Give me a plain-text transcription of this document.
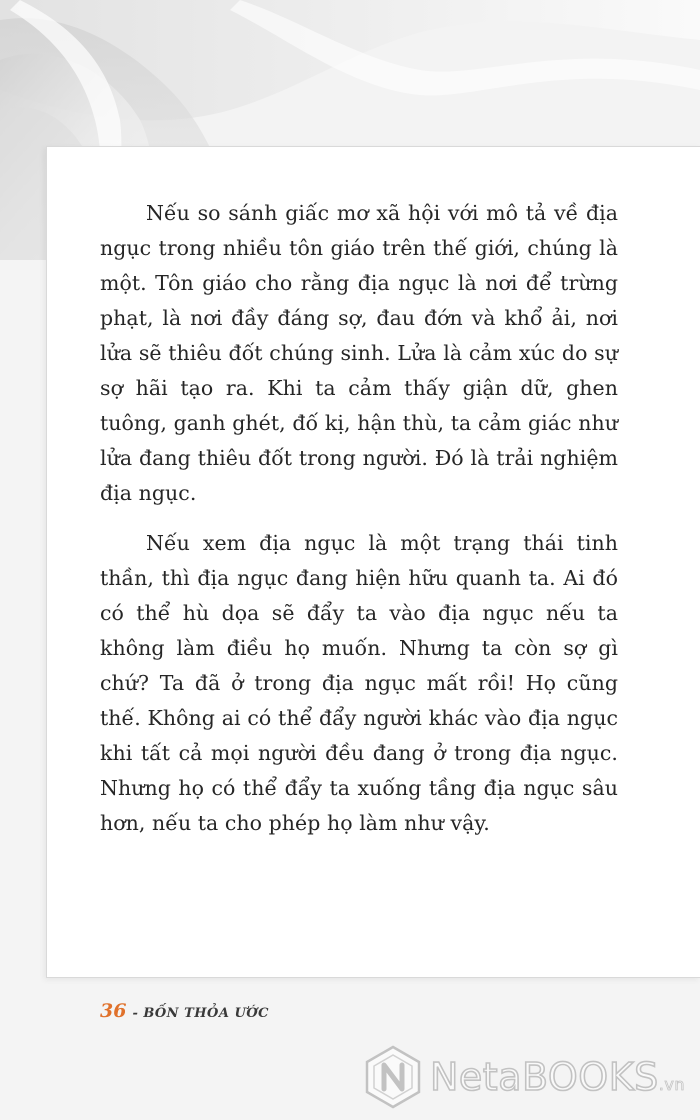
Nếu so sánh giấc mơ xã hội với mô tả về địa ngục trong nhiều tôn giáo trên thế giới, chúng là một. Tôn giáo cho rằng địa ngục là nơi để trừng phạt, là nơi đầy đáng sợ, đau đớn và khổ ải, nơi lửa sẽ thiêu đốt chúng sinh. Lửa là cảm xúc do sự sợ hãi tạo ra. Khi ta cảm thấy giận dữ, ghen tuông, ganh ghét, đố kị, hận thù, ta cảm giác như lửa đang thiêu đốt trong người. Đó là trải nghiệm địa ngục.

Nếu xem địa ngục là một trạng thái tinh thần, thì địa ngục đang hiện hữu quanh ta. Ai đó có thể hù dọa sẽ đẩy ta vào địa ngục nếu ta không làm điều họ muốn. Nhưng ta còn sợ gì chứ? Ta đã ở trong địa ngục mất rồi! Họ cũng thế. Không ai có thể đẩy người khác vào địa ngục khi tất cả mọi người đều đang ở trong địa ngục. Nhưng họ có thể đẩy ta xuống tầng địa ngục sâu hơn, nếu ta cho phép họ làm như vậy.

36 - BỐN THỎA ƯỚC
NetaBOOKS.vn
